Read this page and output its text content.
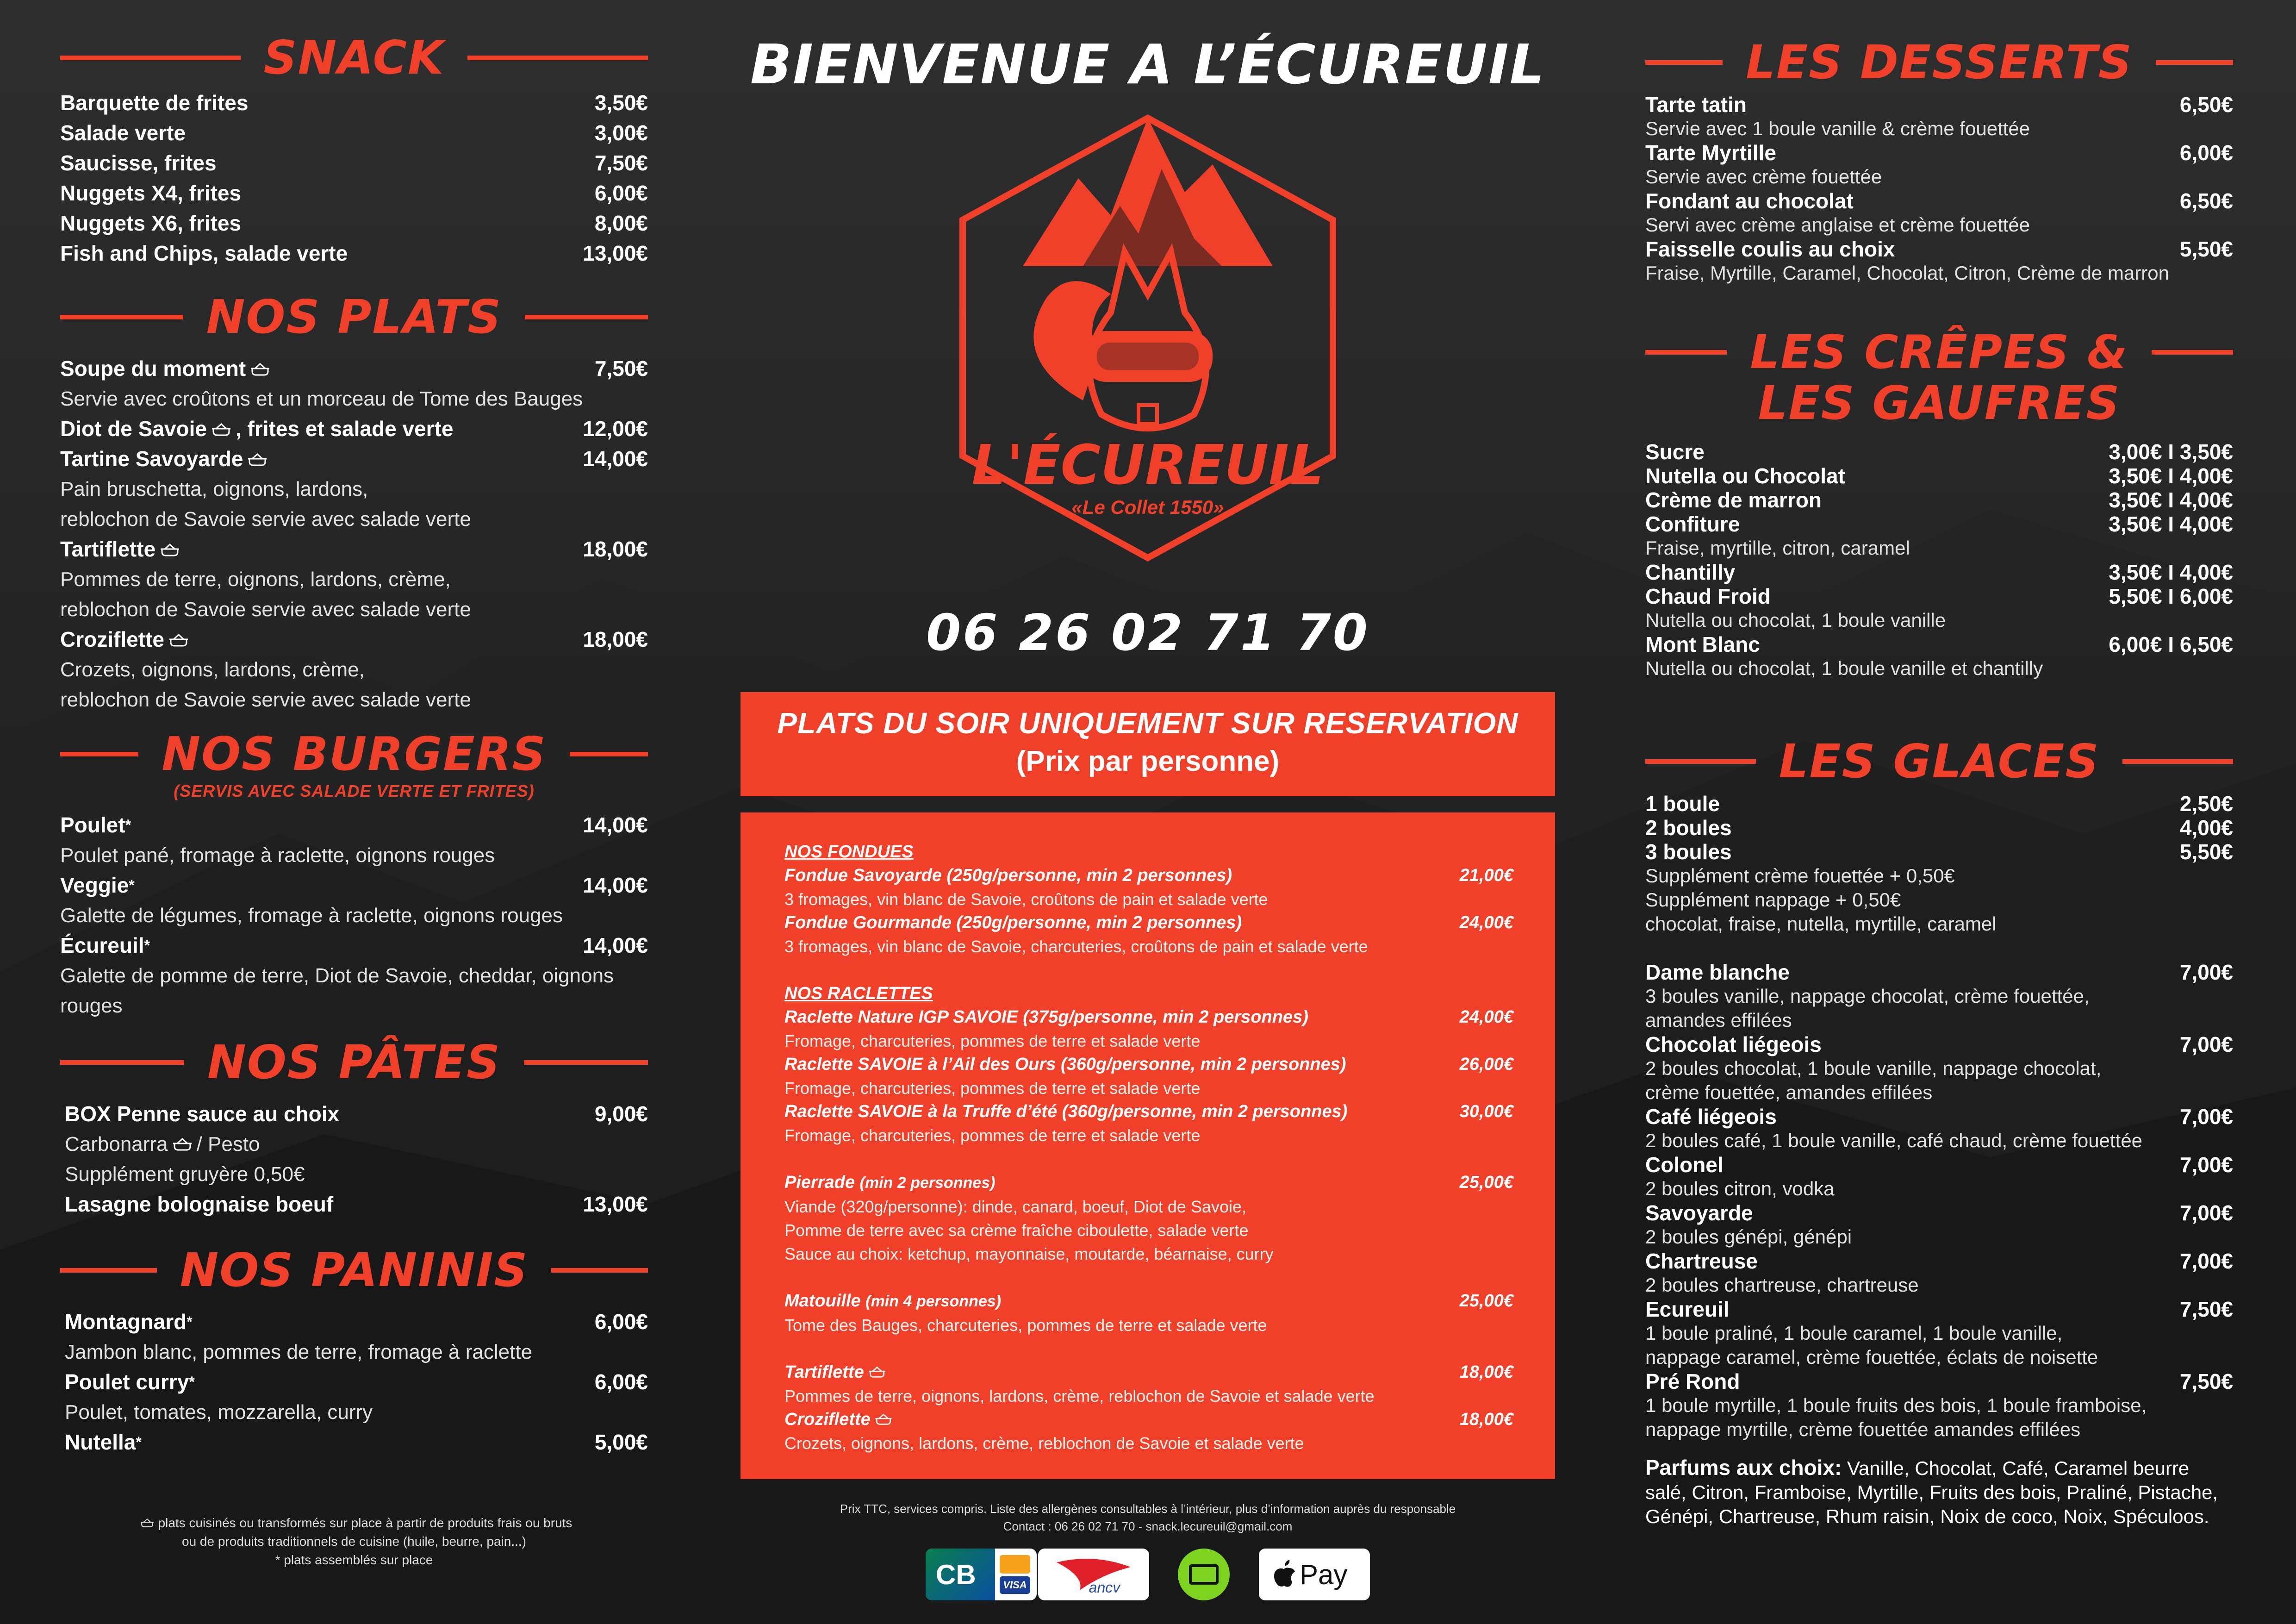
SNACK
Barquette de frites	3,50€
Salade verte	3,00€
Saucisse, frites	7,50€
Nuggets X4, frites	6,00€
Nuggets X6, frites	8,00€
Fish and Chips, salade verte	13,00€
NOS PLATS
Soupe du moment	7,50€
Servie avec croûtons et un morceau de Tome des Bauges
Diot de Savoie , frites et salade verte	12,00€
Tartine Savoyarde	14,00€
Pain bruschetta, oignons, lardons,
reblochon de Savoie servie avec salade verte
Tartiflette	18,00€
Pommes de terre, oignons, lardons, crème,
reblochon de Savoie servie avec salade verte
Croziflette	18,00€
Crozets, oignons, lardons, crème,
reblochon de Savoie servie avec salade verte
NOS BURGERS
(SERVIS AVEC SALADE VERTE ET FRITES)
Poulet*	14,00€
Poulet pané, fromage à raclette, oignons rouges
Veggie*	14,00€
Galette de légumes, fromage à raclette, oignons rouges
Écureuil*	14,00€
Galette de pomme de terre, Diot de Savoie, cheddar, oignons
rouges
NOS PÂTES
BOX Penne sauce au choix	9,00€
Carbonarra / Pesto
Supplément gruyère 0,50€
Lasagne bolognaise boeuf	13,00€
NOS PANINIS
Montagnard*	6,00€
Jambon blanc, pommes de terre, fromage à raclette
Poulet curry*	6,00€
Poulet, tomates, mozzarella, curry
Nutella*	5,00€
plats cuisinés ou transformés sur place à partir de produits frais ou bruts
ou de produits traditionnels de cuisine (huile, beurre, pain...)
* plats assemblés sur place
BIENVENUE A L’ÉCUREUIL
L'ÉCUREUIL
«Le Collet 1550»
06 26 02 71 70
PLATS DU SOIR UNIQUEMENT SUR RESERVATION
(Prix par personne)
NOS FONDUES
Fondue Savoyarde (250g/personne, min 2 personnes)	21,00€
3 fromages, vin blanc de Savoie, croûtons de pain et salade verte
Fondue Gourmande (250g/personne, min 2 personnes)	24,00€
3 fromages, vin blanc de Savoie, charcuteries, croûtons de pain et salade verte
NOS RACLETTES
Raclette Nature IGP SAVOIE (375g/personne, min 2 personnes)	24,00€
Fromage, charcuteries, pommes de terre et salade verte
Raclette SAVOIE à l’Ail des Ours (360g/personne, min 2 personnes)	26,00€
Fromage, charcuteries, pommes de terre et salade verte
Raclette SAVOIE à la Truffe d’été (360g/personne, min 2 personnes)	30,00€
Fromage, charcuteries, pommes de terre et salade verte
Pierrade (min 2 personnes)	25,00€
Viande (320g/personne): dinde, canard, boeuf, Diot de Savoie,
Pomme de terre avec sa crème fraîche ciboulette, salade verte
Sauce au choix: ketchup, mayonnaise, moutarde, béarnaise, curry
Matouille (min 4 personnes)	25,00€
Tome des Bauges, charcuteries, pommes de terre et salade verte
Tartiflette	18,00€
Pommes de terre, oignons, lardons, crème, reblochon de Savoie et salade verte
Croziflette	18,00€
Crozets, oignons, lardons, crème, reblochon de Savoie et salade verte
Prix TTC, services compris. Liste des allergènes consultables à l’intérieur, plus d’information auprès du responsable
Contact : 06 26 02 71 70 - snack.lecureuil@gmail.com
CB	VISA	ancv	Pay
LES DESSERTS
Tarte tatin	6,50€
Servie avec 1 boule vanille & crème fouettée
Tarte Myrtille	6,00€
Servie avec crème fouettée
Fondant au chocolat	6,50€
Servi avec crème anglaise et crème fouettée
Faisselle coulis au choix	5,50€
Fraise, Myrtille, Caramel, Chocolat, Citron, Crème de marron
LES CRÊPES &
LES GAUFRES
Sucre	3,00€ I 3,50€
Nutella ou Chocolat	3,50€ I 4,00€
Crème de marron	3,50€ I 4,00€
Confiture	3,50€ I 4,00€
Fraise, myrtille, citron, caramel
Chantilly	3,50€ I 4,00€
Chaud Froid	5,50€ I 6,00€
Nutella ou chocolat, 1 boule vanille
Mont Blanc	6,00€ I 6,50€
Nutella ou chocolat, 1 boule vanille et chantilly
LES GLACES
1 boule	2,50€
2 boules	4,00€
3 boules	5,50€
Supplément crème fouettée + 0,50€
Supplément nappage + 0,50€
chocolat, fraise, nutella, myrtille, caramel
Dame blanche	7,00€
3 boules vanille, nappage chocolat, crème fouettée,
amandes effilées
Chocolat liégeois	7,00€
2 boules chocolat, 1 boule vanille, nappage chocolat,
crème fouettée, amandes effilées
Café liégeois	7,00€
2 boules café, 1 boule vanille, café chaud, crème fouettée
Colonel	7,00€
2 boules citron, vodka
Savoyarde	7,00€
2 boules génépi, génépi
Chartreuse	7,00€
2 boules chartreuse, chartreuse
Ecureuil	7,50€
1 boule praliné, 1 boule caramel, 1 boule vanille,
nappage caramel, crème fouettée, éclats de noisette
Pré Rond	7,50€
1 boule myrtille, 1 boule fruits des bois, 1 boule framboise,
nappage myrtille, crème fouettée amandes effilées
Parfums aux choix: Vanille, Chocolat, Café, Caramel beurre salé, Citron, Framboise, Myrtille, Fruits des bois, Praliné, Pistache, Génépi, Chartreuse, Rhum raisin, Noix de coco, Noix, Spéculoos.
